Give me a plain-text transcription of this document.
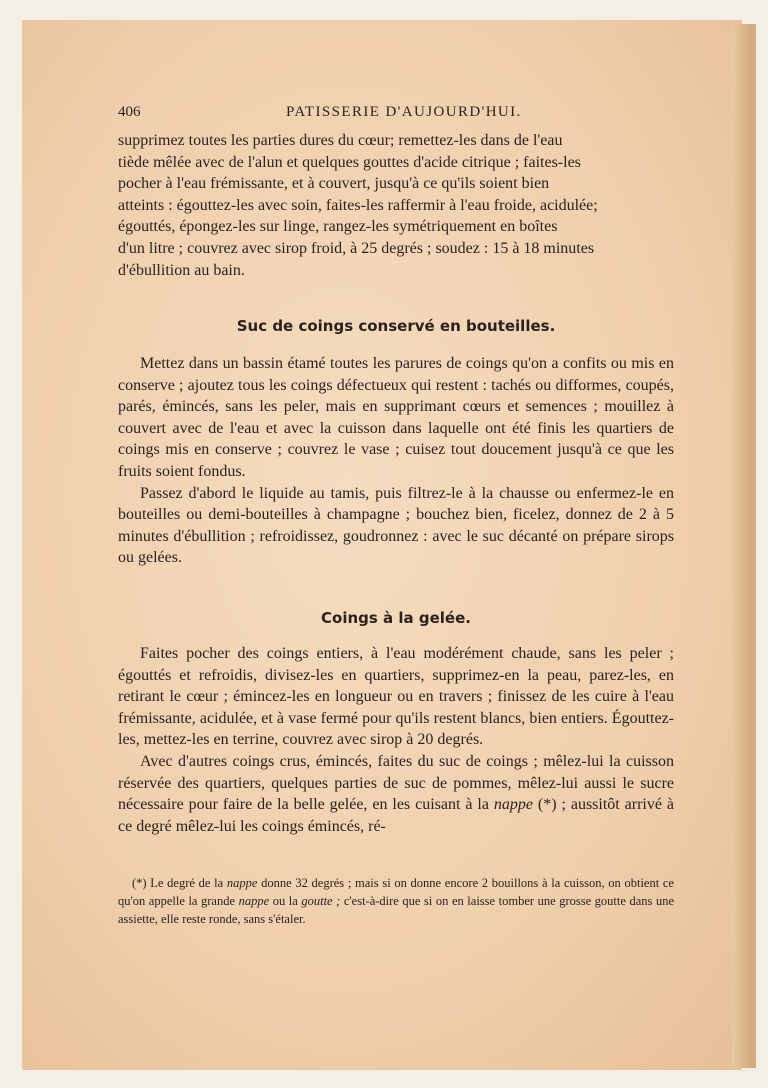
406	PATISSERIE D'AUJOURD'HUI.

supprimez toutes les parties dures du cœur; remettez-les dans de l'eau

tiède mêlée avec de l'alun et quelques gouttes d'acide citrique ; faites-les

pocher à l'eau frémissante, et à couvert, jusqu'à ce qu'ils soient bien

atteints : égouttez-les avec soin, faites-les raffermir à l'eau froide, acidulée;

égouttés, épongez-les sur linge, rangez-les symétriquement en boîtes

d'un litre ; couvrez avec sirop froid, à 25 degrés ; soudez : 15 à 18 minutes

d'ébullition au bain.

Suc de coings conservé en bouteilles.

Mettez dans un bassin étamé toutes les parures de coings qu'on a confits ou mis en conserve ; ajoutez tous les coings défectueux qui restent : tachés ou difformes, coupés, parés, émincés, sans les peler, mais en supprimant cœurs et semences ; mouillez à couvert avec de l'eau et avec la cuisson dans laquelle ont été finis les quartiers de coings mis en conserve ; couvrez le vase ; cuisez tout doucement jusqu'à ce que les fruits soient fondus.

Passez d'abord le liquide au tamis, puis filtrez-le à la chausse ou enfermez-le en bouteilles ou demi-bouteilles à champagne ; bouchez bien, ficelez, donnez de 2 à 5 minutes d'ébullition ; refroidissez, goudronnez : avec le suc décanté on prépare sirops ou gelées.

Coings à la gelée.

Faites pocher des coings entiers, à l'eau modérément chaude, sans les peler ; égouttés et refroidis, divisez-les en quartiers, supprimez-en la peau, parez-les, en retirant le cœur ; émincez-les en longueur ou en travers ; finissez de les cuire à l'eau frémissante, acidulée, et à vase fermé pour qu'ils restent blancs, bien entiers. Égouttez-les, mettez-les en terrine, couvrez avec sirop à 20 degrés.

Avec d'autres coings crus, émincés, faites du suc de coings ; mêlez-lui la cuisson réservée des quartiers, quelques parties de suc de pommes, mêlez-lui aussi le sucre nécessaire pour faire de la belle gelée, en les cuisant à la nappe (*) ; aussitôt arrivé à ce degré mêlez-lui les coings émincés, ré-

(*) Le degré de la nappe donne 32 degrés ; mais si on donne encore 2 bouillons à la cuisson, on obtient ce qu'on appelle la grande nappe ou la goutte ; c'est-à-dire que si on en laisse tomber une grosse goutte dans une assiette, elle reste ronde, sans s'étaler.
